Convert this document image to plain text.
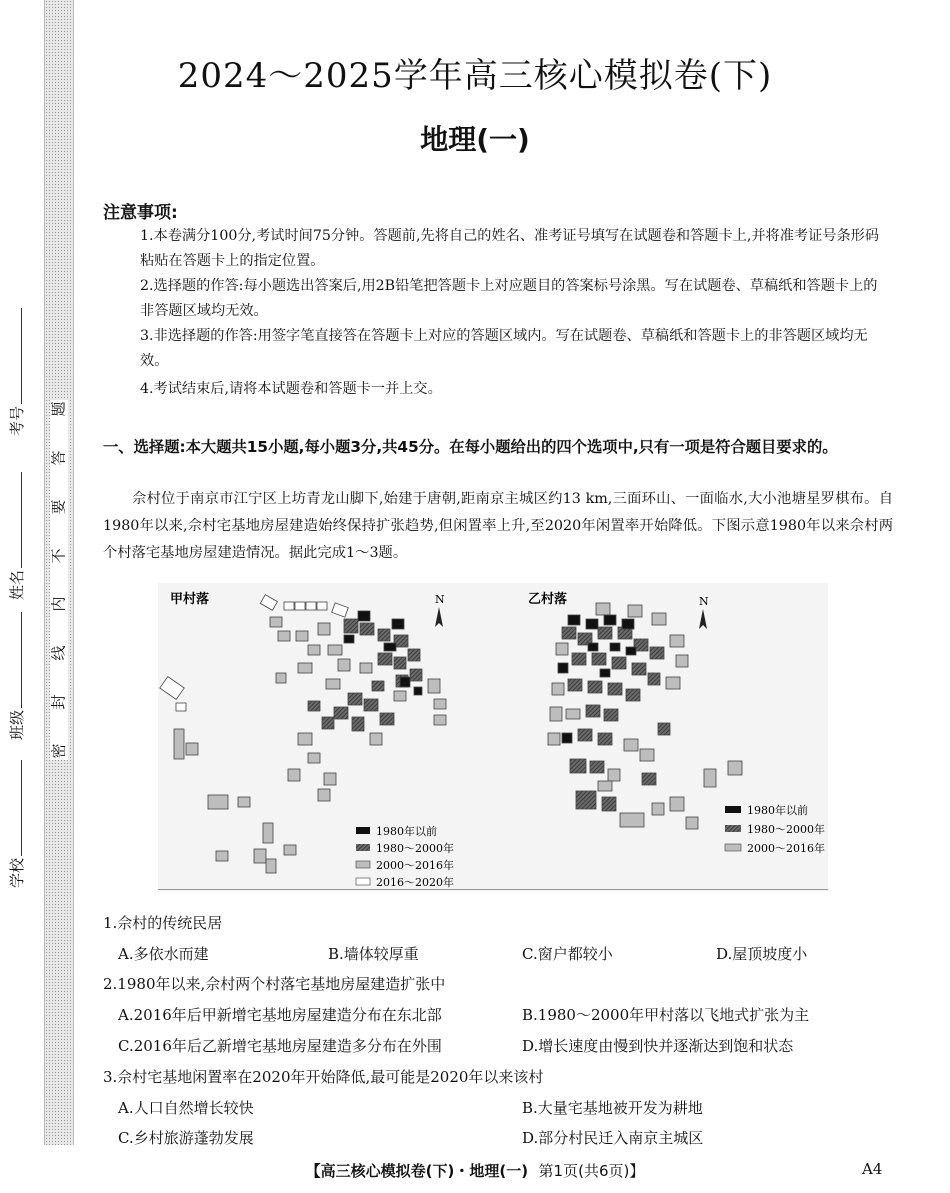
题
答
要
不
内
线
封
密
考号
姓名
班级
学校
2024～2025学年高三核心模拟卷(下)
地理(一)
注意事项:
1.本卷满分100分,考试时间75分钟。答题前,先将自己的姓名、准考证号填写在试题卷和答题卡上,并将准考证号条形码粘贴在答题卡上的指定位置。
2.选择题的作答:每小题选出答案后,用2B铅笔把答题卡上对应题目的答案标号涂黑。写在试题卷、草稿纸和答题卡上的非答题区域均无效。
3.非选择题的作答:用签字笔直接答在答题卡上对应的答题区域内。写在试题卷、草稿纸和答题卡上的非答题区域均无效。
4.考试结束后,请将本试题卷和答题卡一并上交。
一、选择题:本大题共15小题,每小题3分,共45分。在每小题给出的四个选项中,只有一项是符合题目要求的。
佘村位于南京市江宁区上坊青龙山脚下,始建于唐朝,距南京主城区约13 km,三面环山、一面临水,大小池塘星罗棋布。自1980年以来,佘村宅基地房屋建造始终保持扩张趋势,但闲置率上升,至2020年闲置率开始降低。下图示意1980年以来佘村两个村落宅基地房屋建造情况。据此完成1～3题。
甲村落	乙村落
N	N
1980年以前
1980～2000年
2000～2016年
2016～2020年
1980年以前
1980～2000年
2000～2016年
1.佘村的传统民居
A.多依水而建	B.墙体较厚重	C.窗户都较小	D.屋顶坡度小
2.1980年以来,佘村两个村落宅基地房屋建造扩张中
A.2016年后甲新增宅基地房屋建造分布在东北部	B.1980～2000年甲村落以飞地式扩张为主
C.2016年后乙新增宅基地房屋建造多分布在外围	D.增长速度由慢到快并逐渐达到饱和状态
3.佘村宅基地闲置率在2020年开始降低,最可能是2020年以来该村
A.人口自然增长较快	B.大量宅基地被开发为耕地
C.乡村旅游蓬勃发展	D.部分村民迁入南京主城区
【高三核心模拟卷(下)・地理(一) 第1页(共6页)】	A4
